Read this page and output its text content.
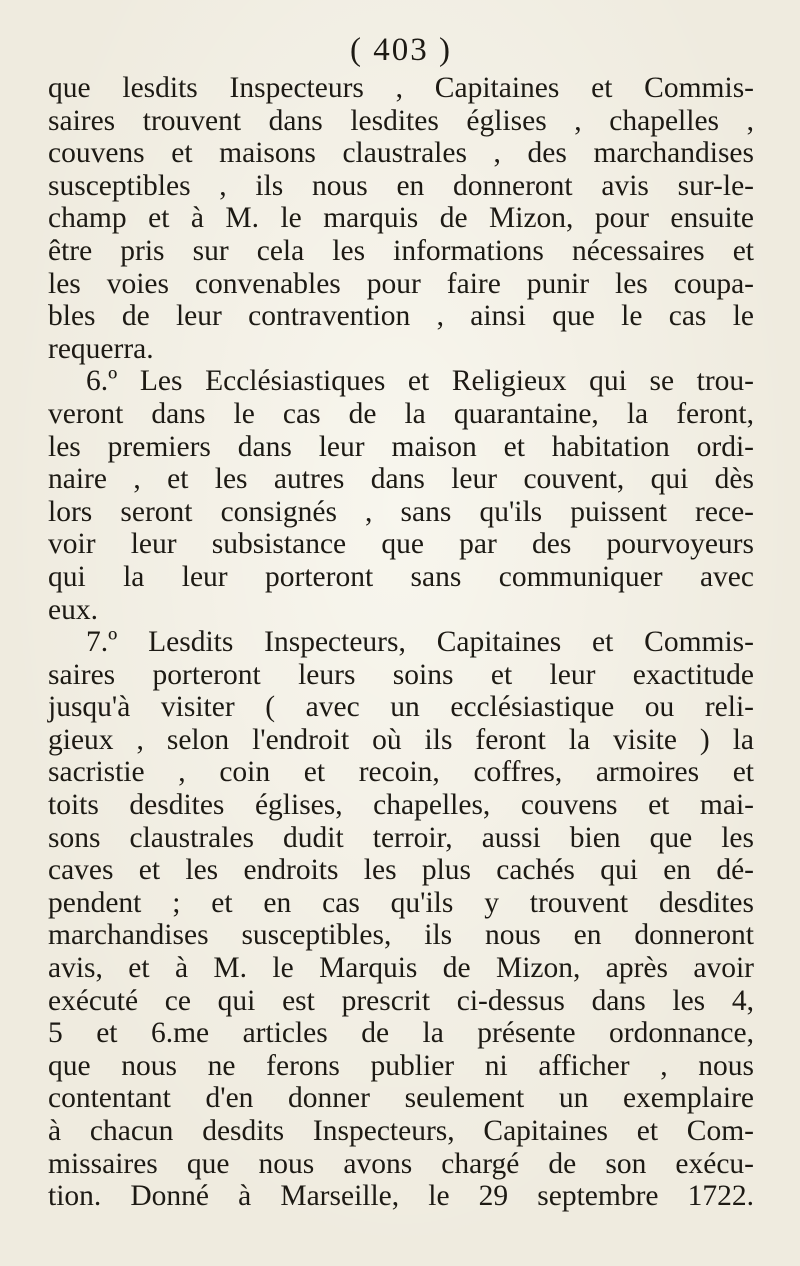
( 403 )
que lesdits Inspecteurs , Capitaines et Commis-
saires trouvent dans lesdites églises , chapelles ,
couvens et maisons claustrales , des marchandises
susceptibles , ils nous en donneront avis sur-le-
champ et à M. le marquis de Mizon, pour ensuite
être pris sur cela les informations nécessaires et
les voies convenables pour faire punir les coupa-
bles de leur contravention , ainsi que le cas le
requerra.
6.º Les Ecclésiastiques et Religieux qui se trou-
veront dans le cas de la quarantaine, la feront,
les premiers dans leur maison et habitation ordi-
naire , et les autres dans leur couvent, qui dès
lors seront consignés , sans qu'ils puissent rece-
voir leur subsistance que par des pourvoyeurs
qui la leur porteront sans communiquer avec
eux.
7.º Lesdits Inspecteurs, Capitaines et Commis-
saires porteront leurs soins et leur exactitude
jusqu'à visiter ( avec un ecclésiastique ou reli-
gieux , selon l'endroit où ils feront la visite ) la
sacristie , coin et recoin, coffres, armoires et
toits desdites églises, chapelles, couvens et mai-
sons claustrales dudit terroir, aussi bien que les
caves et les endroits les plus cachés qui en dé-
pendent ; et en cas qu'ils y trouvent desdites
marchandises susceptibles, ils nous en donneront
avis, et à M. le Marquis de Mizon, après avoir
exécuté ce qui est prescrit ci-dessus dans les 4,
5 et 6.me articles de la présente ordonnance,
que nous ne ferons publier ni afficher , nous
contentant d'en donner seulement un exemplaire
à chacun desdits Inspecteurs, Capitaines et Com-
missaires que nous avons chargé de son exécu-
tion. Donné à Marseille, le 29 septembre 1722.
